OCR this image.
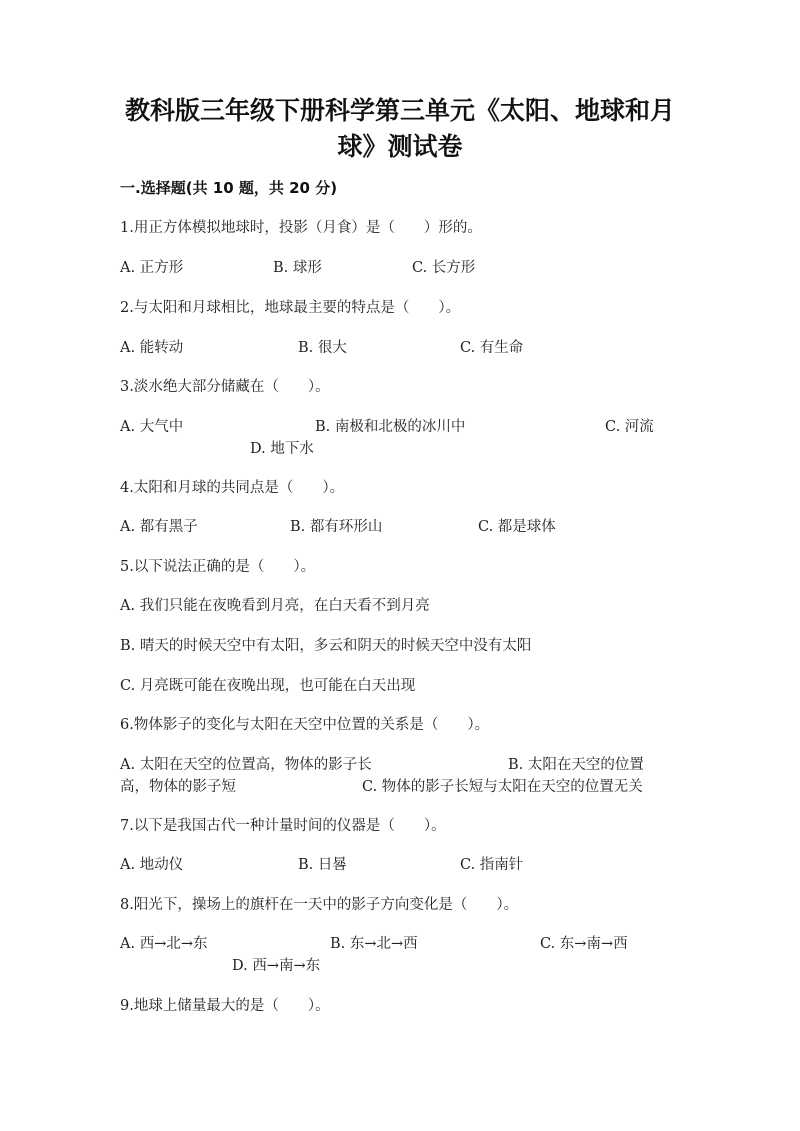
教科版三年级下册科学第三单元《太阳、地球和月
球》测试卷
一.选择题(共 10 题，共 20 分)
1.用正方体模拟地球时，投影（月食）是（　　）形的。
A. 正方形	B. 球形	C. 长方形
2.与太阳和月球相比，地球最主要的特点是（　　）。
A. 能转动	B. 很大	C. 有生命
3.淡水绝大部分储藏在（　　）。
A. 大气中	B. 南极和北极的冰川中	C. 河流
D. 地下水
4.太阳和月球的共同点是（　　）。
A. 都有黑子	B. 都有环形山	C. 都是球体
5.以下说法正确的是（　　）。
A. 我们只能在夜晚看到月亮，在白天看不到月亮
B. 晴天的时候天空中有太阳，多云和阴天的时候天空中没有太阳
C. 月亮既可能在夜晚出现，也可能在白天出现
6.物体影子的变化与太阳在天空中位置的关系是（　　）。
A. 太阳在天空的位置高，物体的影子长	B. 太阳在天空的位置
高，物体的影子短	C. 物体的影子长短与太阳在天空的位置无关
7.以下是我国古代一种计量时间的仪器是（　　）。
A. 地动仪	B. 日晷	C. 指南针
8.阳光下，操场上的旗杆在一天中的影子方向变化是（　　）。
A. 西→北→东	B. 东→北→西	C. 东→南→西
D. 西→南→东
9.地球上储量最大的是（　　）。
